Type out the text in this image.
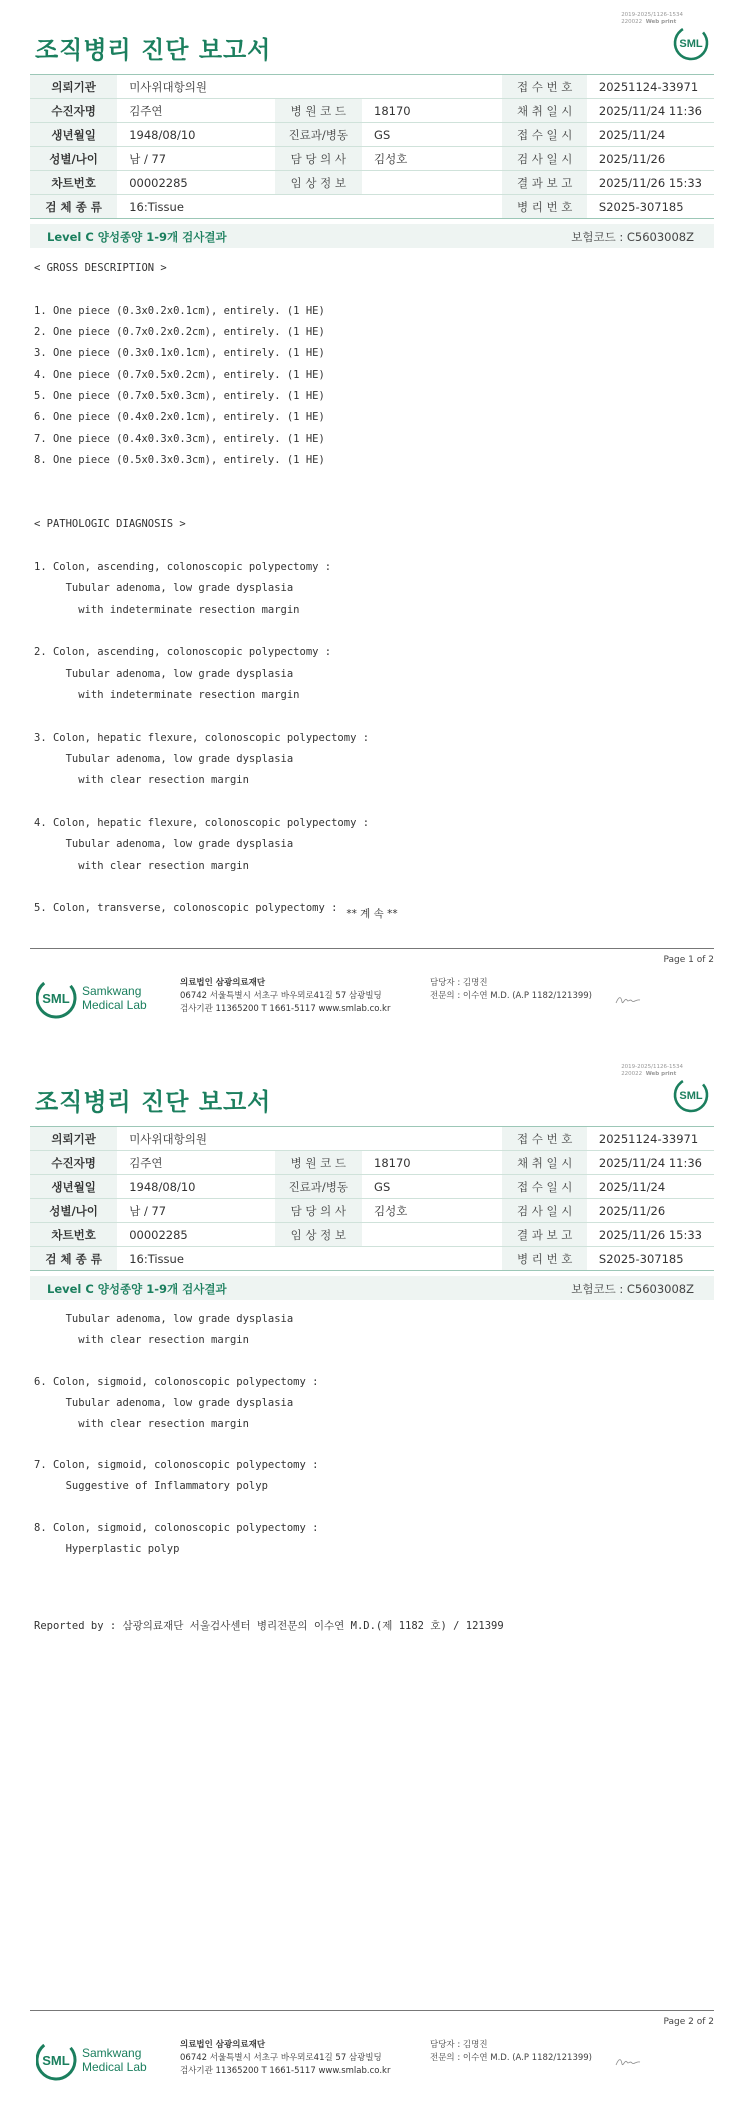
2019-2025/1126-1534
220022 Web print
조직병리 진단 보고서	SML
의뢰기관	미사위대항의원			접 수 번 호	20251124-33971
수진자명	김주연	병 원 코 드	18170	채 취 일 시	2025/11/24 11:36
생년월일	1948/08/10	진료과/병동	GS	접 수 일 시	2025/11/24
성별/나이	남 / 77	담 당 의 사	김성호	검 사 일 시	2025/11/26
차트번호	00002285	임 상 정 보		결 과 보 고	2025/11/26 15:33
검 체 종 류	16:Tissue			병 리 번 호	S2025-307185
Level C 양성종양 1-9개 검사결과	보험코드 : C5603008Z
< GROSS DESCRIPTION >
1. One piece (0.3x0.2x0.1cm), entirely. (1 HE)
2. One piece (0.7x0.2x0.2cm), entirely. (1 HE)
3. One piece (0.3x0.1x0.1cm), entirely. (1 HE)
4. One piece (0.7x0.5x0.2cm), entirely. (1 HE)
5. One piece (0.7x0.5x0.3cm), entirely. (1 HE)
6. One piece (0.4x0.2x0.1cm), entirely. (1 HE)
7. One piece (0.4x0.3x0.3cm), entirely. (1 HE)
8. One piece (0.5x0.3x0.3cm), entirely. (1 HE)
< PATHOLOGIC DIAGNOSIS >
1. Colon, ascending, colonoscopic polypectomy :
Tubular adenoma, low grade dysplasia
with indeterminate resection margin
2. Colon, ascending, colonoscopic polypectomy :
Tubular adenoma, low grade dysplasia
with indeterminate resection margin
3. Colon, hepatic flexure, colonoscopic polypectomy :
Tubular adenoma, low grade dysplasia
with clear resection margin
4. Colon, hepatic flexure, colonoscopic polypectomy :
Tubular adenoma, low grade dysplasia
with clear resection margin
5. Colon, transverse, colonoscopic polypectomy : ** 계 속 **
Page 1 of 2
SML Samkwang
Medical Lab
의료법인 삼광의료재단
06742 서울특별시 서초구 바우뫼로41길 57 삼광빌딩
검사기관 11365200 T 1661-5117 www.smlab.co.kr
담당자 : 김명진
전문의 : 이수연 M.D. (A.P 1182/121399)
2019-2025/1126-1534
220022 Web print
조직병리 진단 보고서	SML
의뢰기관	미사위대항의원			접 수 번 호	20251124-33971
수진자명	김주연	병 원 코 드	18170	채 취 일 시	2025/11/24 11:36
생년월일	1948/08/10	진료과/병동	GS	접 수 일 시	2025/11/24
성별/나이	남 / 77	담 당 의 사	김성호	검 사 일 시	2025/11/26
차트번호	00002285	임 상 정 보		결 과 보 고	2025/11/26 15:33
검 체 종 류	16:Tissue			병 리 번 호	S2025-307185
Level C 양성종양 1-9개 검사결과	보험코드 : C5603008Z
Tubular adenoma, low grade dysplasia
with clear resection margin
6. Colon, sigmoid, colonoscopic polypectomy :
Tubular adenoma, low grade dysplasia
with clear resection margin
7. Colon, sigmoid, colonoscopic polypectomy :
Suggestive of Inflammatory polyp
8. Colon, sigmoid, colonoscopic polypectomy :
Hyperplastic polyp
Reported by : 삼광의료재단 서울검사센터 병리전문의 이수연 M.D.(제 1182 호) / 121399
Page 2 of 2
SML Samkwang
Medical Lab
의료법인 삼광의료재단
06742 서울특별시 서초구 바우뫼로41길 57 삼광빌딩
검사기관 11365200 T 1661-5117 www.smlab.co.kr
담당자 : 김명진
전문의 : 이수연 M.D. (A.P 1182/121399)
